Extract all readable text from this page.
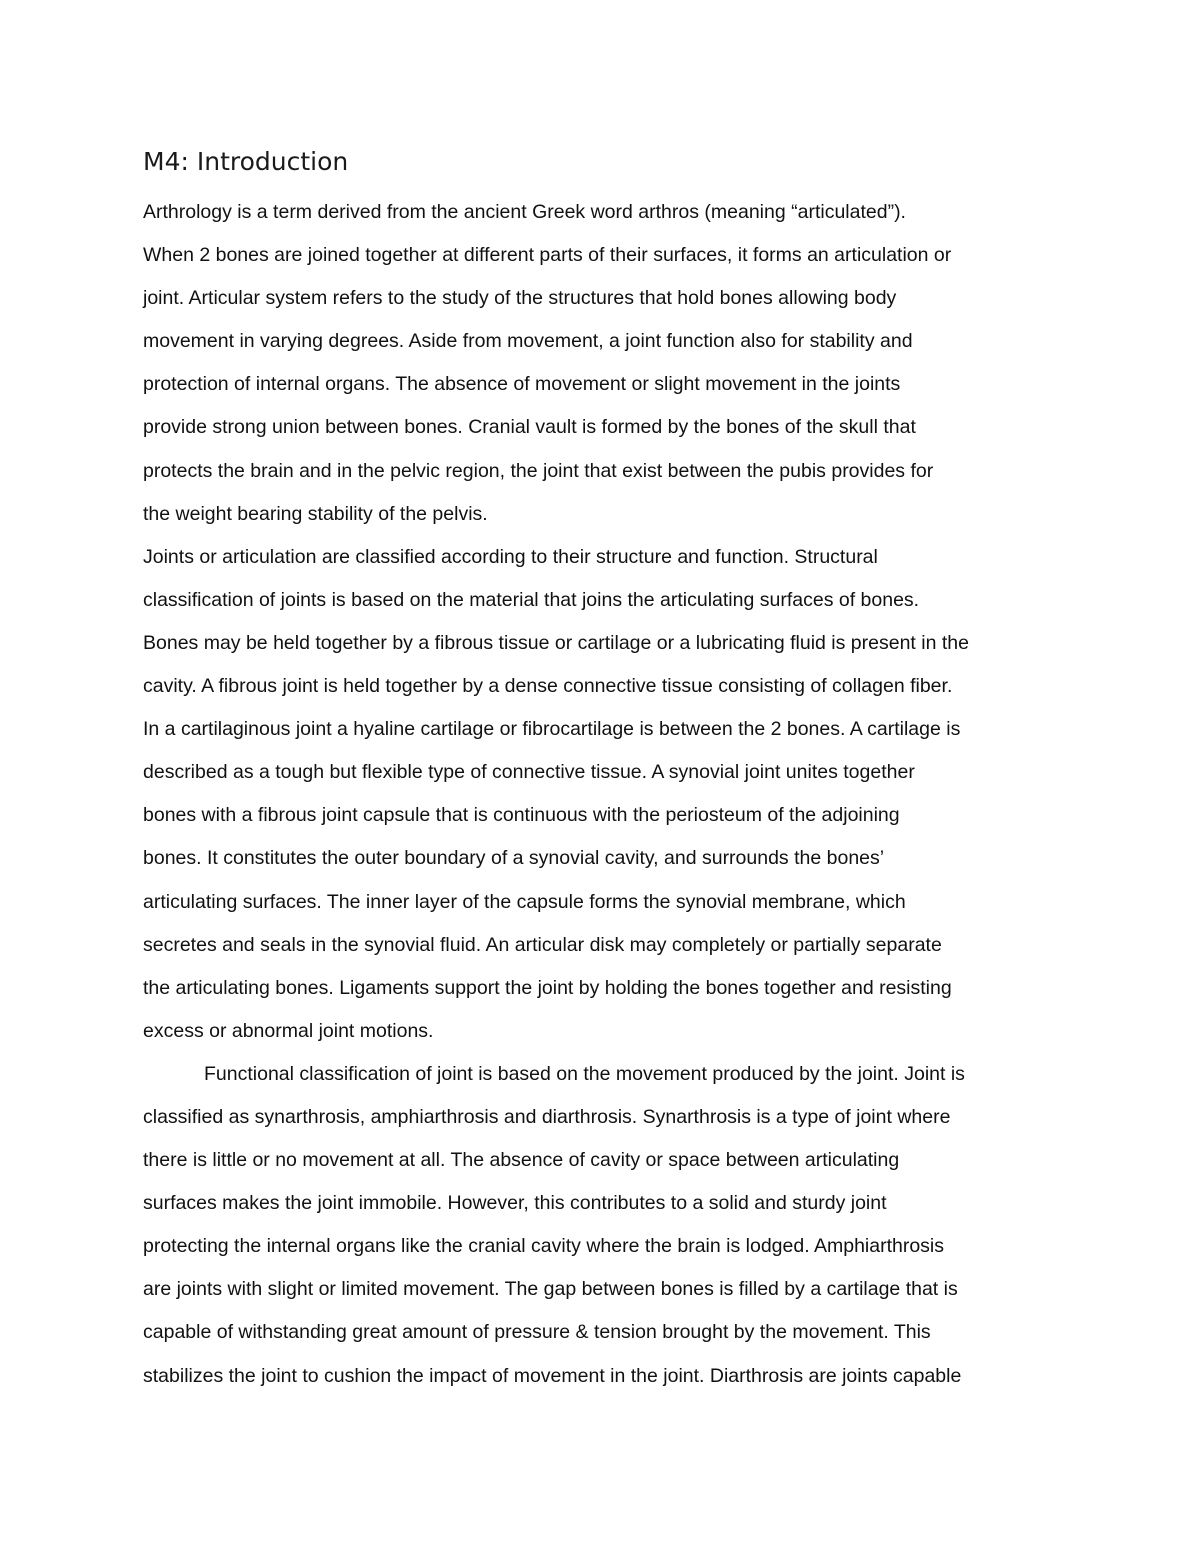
M4: Introduction
Arthrology is a term derived from the ancient Greek word arthros (meaning “articulated”).
When 2 bones are joined together at different parts of their surfaces, it forms an articulation or
joint. Articular system refers to the study of the structures that hold bones allowing body
movement in varying degrees. Aside from movement, a joint function also for stability and
protection of internal organs. The absence of movement or slight movement in the joints
provide strong union between bones. Cranial vault is formed by the bones of the skull that
protects the brain and in the pelvic region, the joint that exist between the pubis provides for
the weight bearing stability of the pelvis.
Joints or articulation are classified according to their structure and function. Structural
classification of joints is based on the material that joins the articulating surfaces of bones.
Bones may be held together by a fibrous tissue or cartilage or a lubricating fluid is present in the
cavity. A fibrous joint is held together by a dense connective tissue consisting of collagen fiber.
In a cartilaginous joint a hyaline cartilage or fibrocartilage is between the 2 bones. A cartilage is
described as a tough but flexible type of connective tissue. A synovial joint unites together
bones with a fibrous joint capsule that is continuous with the periosteum of the adjoining
bones. It constitutes the outer boundary of a synovial cavity, and surrounds the bones’
articulating surfaces. The inner layer of the capsule forms the synovial membrane, which
secretes and seals in the synovial fluid. An articular disk may completely or partially separate
the articulating bones. Ligaments support the joint by holding the bones together and resisting
excess or abnormal joint motions.
Functional classification of joint is based on the movement produced by the joint. Joint is
classified as synarthrosis, amphiarthrosis and diarthrosis. Synarthrosis is a type of joint where
there is little or no movement at all. The absence of cavity or space between articulating
surfaces makes the joint immobile. However, this contributes to a solid and sturdy joint
protecting the internal organs like the cranial cavity where the brain is lodged. Amphiarthrosis
are joints with slight or limited movement. The gap between bones is filled by a cartilage that is
capable of withstanding great amount of pressure & tension brought by the movement. This
stabilizes the joint to cushion the impact of movement in the joint. Diarthrosis are joints capable
